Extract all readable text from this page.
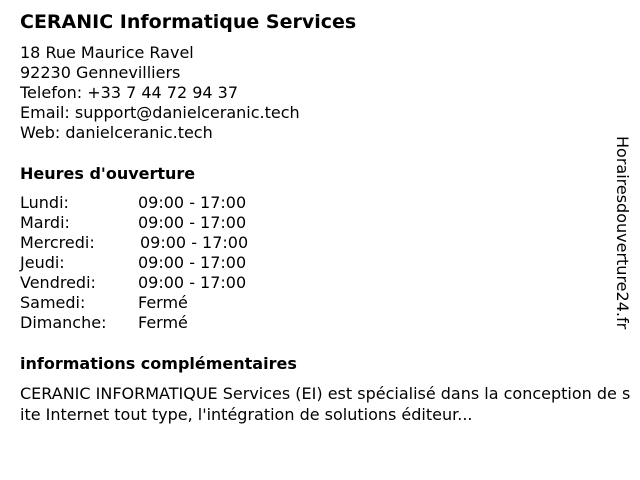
CERANIC Informatique Services
18 Rue Maurice Ravel
92230 Gennevilliers
Telefon: +33 7 44 72 94 37
Email: support@danielceranic.tech
Web: danielceranic.tech
Heures d'ouverture
Lundi:	09:00 - 17:00
Mardi:	09:00 - 17:00
Mercredi:	09:00 - 17:00
Jeudi:	09:00 - 17:00
Vendredi:	09:00 - 17:00
Samedi:	Fermé
Dimanche: Fermé
informations complémentaires
CERANIC INFORMATIQUE Services (EI) est spécialisé dans la conception de site Internet tout type, l'intégration de solutions éditeur...
Horairesdouverture24.fr
